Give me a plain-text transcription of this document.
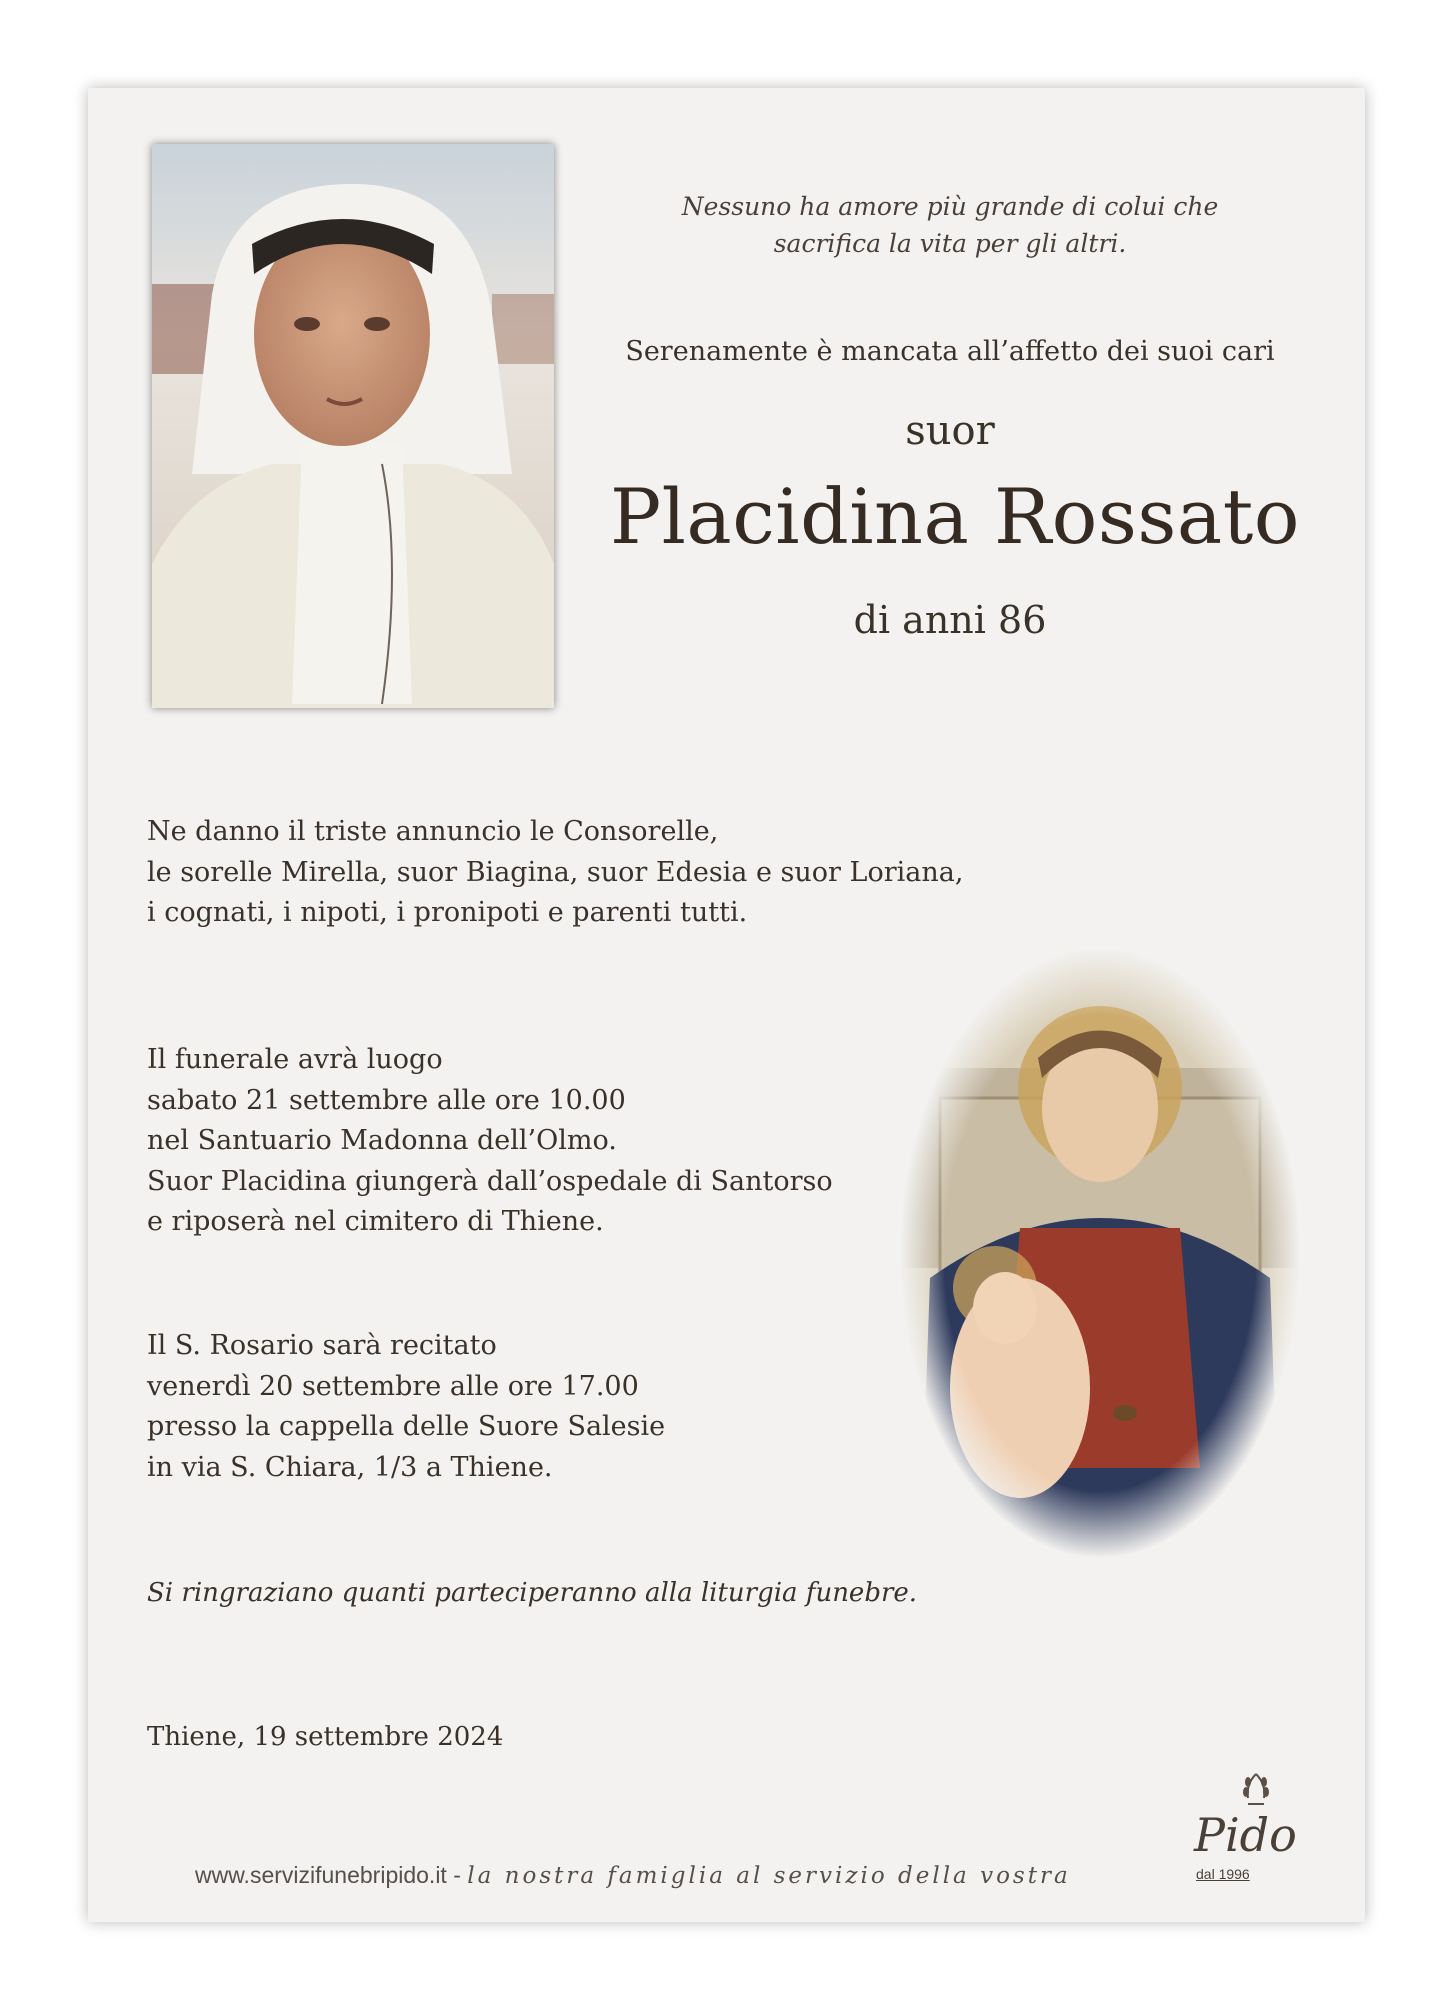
Nessuno ha amore più grande di colui che
sacrifica la vita per gli altri.
Serenamente è mancata all’affetto dei suoi cari
suor
Placidina Rossato
di anni 86
Ne danno il triste annuncio le Consorelle,
le sorelle Mirella, suor Biagina, suor Edesia e suor Loriana,
i cognati, i nipoti, i pronipoti e parenti tutti.
Il funerale avrà luogo
sabato 21 settembre alle ore 10.00
nel Santuario Madonna dell’Olmo.
Suor Placidina giungerà dall’ospedale di Santorso
e riposerà nel cimitero di Thiene.
Il S. Rosario sarà recitato
venerdì 20 settembre alle ore 17.00
presso la cappella delle Suore Salesie
in via S. Chiara, 1/3 a Thiene.
Si ringraziano quanti parteciperanno alla liturgia funebre.
Thiene, 19 settembre 2024
www.servizifunebripido.it - la nostra famiglia al servizio della vostra
Pido
dal 1996
